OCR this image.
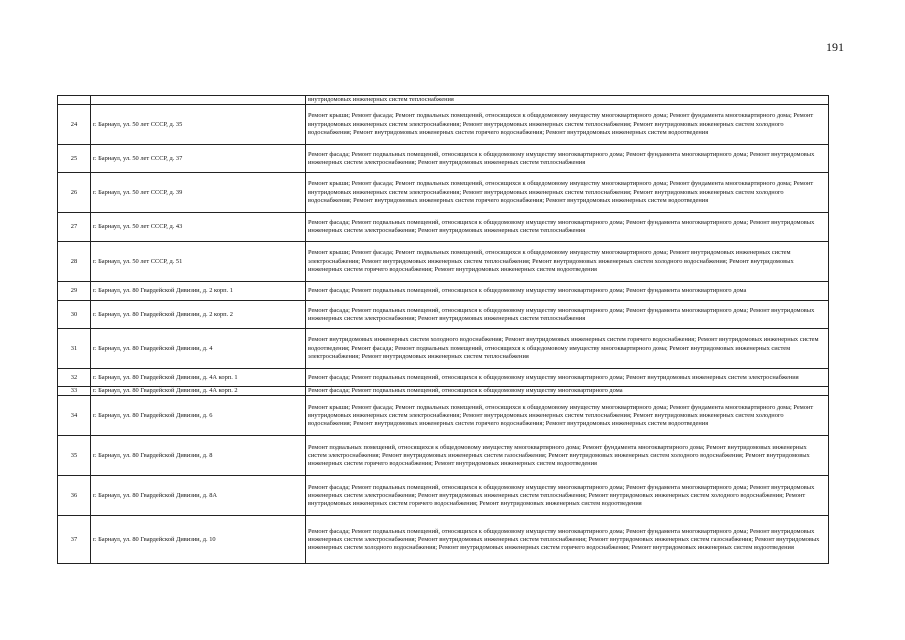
191
		внутридомовых инженерных систем теплоснабжения
24	г. Барнаул, ул. 50 лет СССР, д. 35	Ремонт крыши; Ремонт фасада; Ремонт подвальных помещений, относящихся к общедомовому имуществу многоквартирного дома; Ремонт фундамента многоквартирного дома; Ремонт внутридомовых инженерных систем электроснабжения; Ремонт внутридомовых инженерных систем теплоснабжения; Ремонт внутридомовых инженерных систем холодного водоснабжения; Ремонт внутридомовых инженерных систем горячего водоснабжения; Ремонт внутридомовых инженерных систем водоотведения
25	г. Барнаул, ул. 50 лет СССР, д. 37	Ремонт фасада; Ремонт подвальных помещений, относящихся к общедомовому имуществу многоквартирного дома; Ремонт фундамента многоквартирного дома; Ремонт внутридомовых инженерных систем электроснабжения; Ремонт внутридомовых инженерных систем теплоснабжения
26	г. Барнаул, ул. 50 лет СССР, д. 39	Ремонт крыши; Ремонт фасада; Ремонт подвальных помещений, относящихся к общедомовому имуществу многоквартирного дома; Ремонт фундамента многоквартирного дома; Ремонт внутридомовых инженерных систем электроснабжения; Ремонт внутридомовых инженерных систем теплоснабжения; Ремонт внутридомовых инженерных систем холодного водоснабжения; Ремонт внутридомовых инженерных систем горячего водоснабжения; Ремонт внутридомовых инженерных систем водоотведения
27	г. Барнаул, ул. 50 лет СССР, д. 43	Ремонт фасада; Ремонт подвальных помещений, относящихся к общедомовому имуществу многоквартирного дома; Ремонт фундамента многоквартирного дома; Ремонт внутридомовых инженерных систем электроснабжения; Ремонт внутридомовых инженерных систем теплоснабжения
28	г. Барнаул, ул. 50 лет СССР, д. 51	Ремонт крыши; Ремонт фасада; Ремонт подвальных помещений, относящихся к общедомовому имуществу многоквартирного дома; Ремонт внутридомовых инженерных систем электроснабжения; Ремонт внутридомовых инженерных систем теплоснабжения; Ремонт внутридомовых инженерных систем холодного водоснабжения; Ремонт внутридомовых инженерных систем горячего водоснабжения; Ремонт внутридомовых инженерных систем водоотведения
29	г. Барнаул, ул. 80 Гвардейской Дивизии, д. 2 корп. 1	Ремонт фасада; Ремонт подвальных помещений, относящихся к общедомовому имуществу многоквартирного дома; Ремонт фундамента многоквартирного дома
30	г. Барнаул, ул. 80 Гвардейской Дивизии, д. 2 корп. 2	Ремонт фасада; Ремонт подвальных помещений, относящихся к общедомовому имуществу многоквартирного дома; Ремонт фундамента многоквартирного дома; Ремонт внутридомовых инженерных систем электроснабжения; Ремонт внутридомовых инженерных систем теплоснабжения
31	г. Барнаул, ул. 80 Гвардейской Дивизии, д. 4	Ремонт внутридомовых инженерных систем холодного водоснабжения; Ремонт внутридомовых инженерных систем горячего водоснабжения; Ремонт внутридомовых инженерных систем водоотведения; Ремонт фасада; Ремонт подвальных помещений, относящихся к общедомовому имуществу многоквартирного дома; Ремонт внутридомовых инженерных систем электроснабжения; Ремонт внутридомовых инженерных систем теплоснабжения
32	г. Барнаул, ул. 80 Гвардейской Дивизии, д. 4А корп. 1	Ремонт фасада; Ремонт подвальных помещений, относящихся к общедомовому имуществу многоквартирного дома; Ремонт внутридомовых инженерных систем электроснабжения
33	г. Барнаул, ул. 80 Гвардейской Дивизии, д. 4А корп. 2	Ремонт фасада; Ремонт подвальных помещений, относящихся к общедомовому имуществу многоквартирного дома
34	г. Барнаул, ул. 80 Гвардейской Дивизии, д. 6	Ремонт крыши; Ремонт фасада; Ремонт подвальных помещений, относящихся к общедомовому имуществу многоквартирного дома; Ремонт фундамента многоквартирного дома; Ремонт внутридомовых инженерных систем электроснабжения; Ремонт внутридомовых инженерных систем теплоснабжения; Ремонт внутридомовых инженерных систем холодного водоснабжения; Ремонт внутридомовых инженерных систем горячего водоснабжения; Ремонт внутридомовых инженерных систем водоотведения
35	г. Барнаул, ул. 80 Гвардейской Дивизии, д. 8	Ремонт подвальных помещений, относящихся к общедомовому имуществу многоквартирного дома; Ремонт фундамента многоквартирного дома; Ремонт внутридомовых инженерных систем электроснабжения; Ремонт внутридомовых инженерных систем газоснабжения; Ремонт внутридомовых инженерных систем холодного водоснабжения; Ремонт внутридомовых инженерных систем горячего водоснабжения; Ремонт внутридомовых инженерных систем водоотведения
36	г. Барнаул, ул. 80 Гвардейской Дивизии, д. 8А	Ремонт фасада; Ремонт подвальных помещений, относящихся к общедомовому имуществу многоквартирного дома; Ремонт фундамента многоквартирного дома; Ремонт внутридомовых инженерных систем электроснабжения; Ремонт внутридомовых инженерных систем теплоснабжения; Ремонт внутридомовых инженерных систем холодного водоснабжения; Ремонт внутридомовых инженерных систем горячего водоснабжения; Ремонт внутридомовых инженерных систем водоотведения
37	г. Барнаул, ул. 80 Гвардейской Дивизии, д. 10	Ремонт фасада; Ремонт подвальных помещений, относящихся к общедомовому имуществу многоквартирного дома; Ремонт фундамента многоквартирного дома; Ремонт внутридомовых инженерных систем электроснабжения; Ремонт внутридомовых инженерных систем теплоснабжения; Ремонт внутридомовых инженерных систем газоснабжения; Ремонт внутридомовых инженерных систем холодного водоснабжения; Ремонт внутридомовых инженерных систем горячего водоснабжения; Ремонт внутридомовых инженерных систем водоотведения
